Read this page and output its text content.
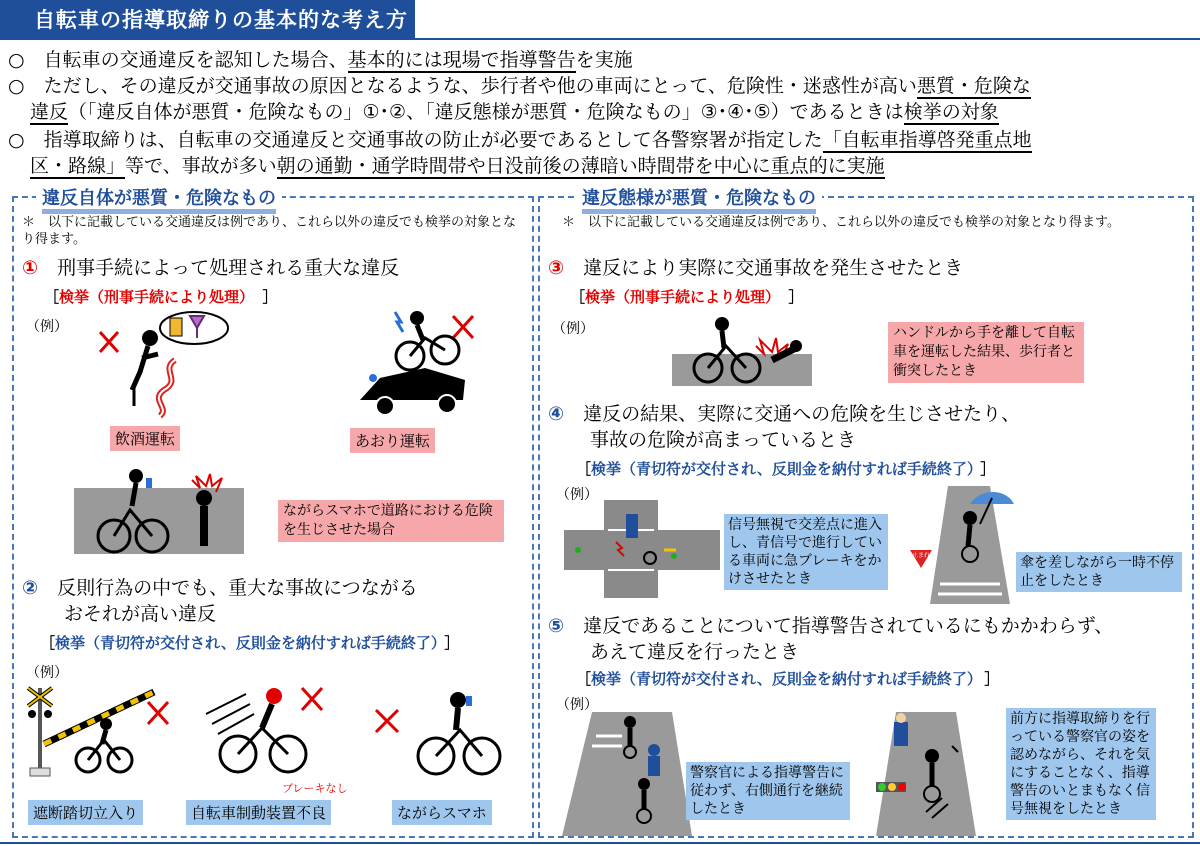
自転車の指導取締りの基本的な考え方
○　自転車の交通違反を認知した場合、基本的には現場で指導警告を実施
○　ただし、その違反が交通事故の原因となるような、歩行者や他の車両にとって、危険性・迷惑性が高い悪質・危険な
違反（「違反自体が悪質・危険なもの」①･②、「違反態様が悪質・危険なもの」③･④･⑤）であるときは検挙の対象
○　指導取締りは、自転車の交通違反と交通事故の防止が必要であるとして各警察署が指定した「自転車指導啓発重点地
区・路線」等で、事故が多い朝の通勤・通学時間帯や日没前後の薄暗い時間帯を中心に重点的に実施
違反自体が悪質・危険なもの
＊　以下に記載している交通違反は例であり、これら以外の違反でも検挙の対象となり得ます。
①　 刑事手続によって処理される重大な違反
［検挙（刑事手続により処理） ］
（例）
飲酒運転	あおり運転
ながらスマホで道路における危険を生じさせた場合
②　 反則行為の中でも、重大な事故につながる
おそれが高い違反
［検挙（青切符が交付され、反則金を納付すれば手続終了） ］
（例）
遮断踏切立入り
ブレーキなし
自転車制動装置不良	ながらスマホ
違反態様が悪質・危険なもの
＊　以下に記載している交通違反は例であり、これら以外の違反でも検挙の対象となり得ます。
③　 違反により実際に交通事故を発生させたとき
［検挙（刑事手続により処理） ］
（例）	ハンドルから手を離して自転車を運転した結果、歩行者と衝突したとき
④　 違反の結果、実際に交通への危険を生じさせたり、
事故の危険が高まっているとき
［検挙（青切符が交付され、反則金を納付すれば手続終了） ］
（例）
信号無視で交差点に進入し、青信号で進行している車両に急ブレーキをかけさせたとき
止まれ	傘を差しながら一時不停止をしたとき
⑤　 違反であることについて指導警告されているにもかかわらず、
あえて違反を行ったとき
［検挙（青切符が交付され、反則金を納付すれば手続終了） ］
（例）
警察官による指導警告に従わず、右側通行を継続したとき
前方に指導取締りを行っている警察官の姿を認めながら、それを気にすることなく、指導警告のいとまもなく信号無視をしたとき
